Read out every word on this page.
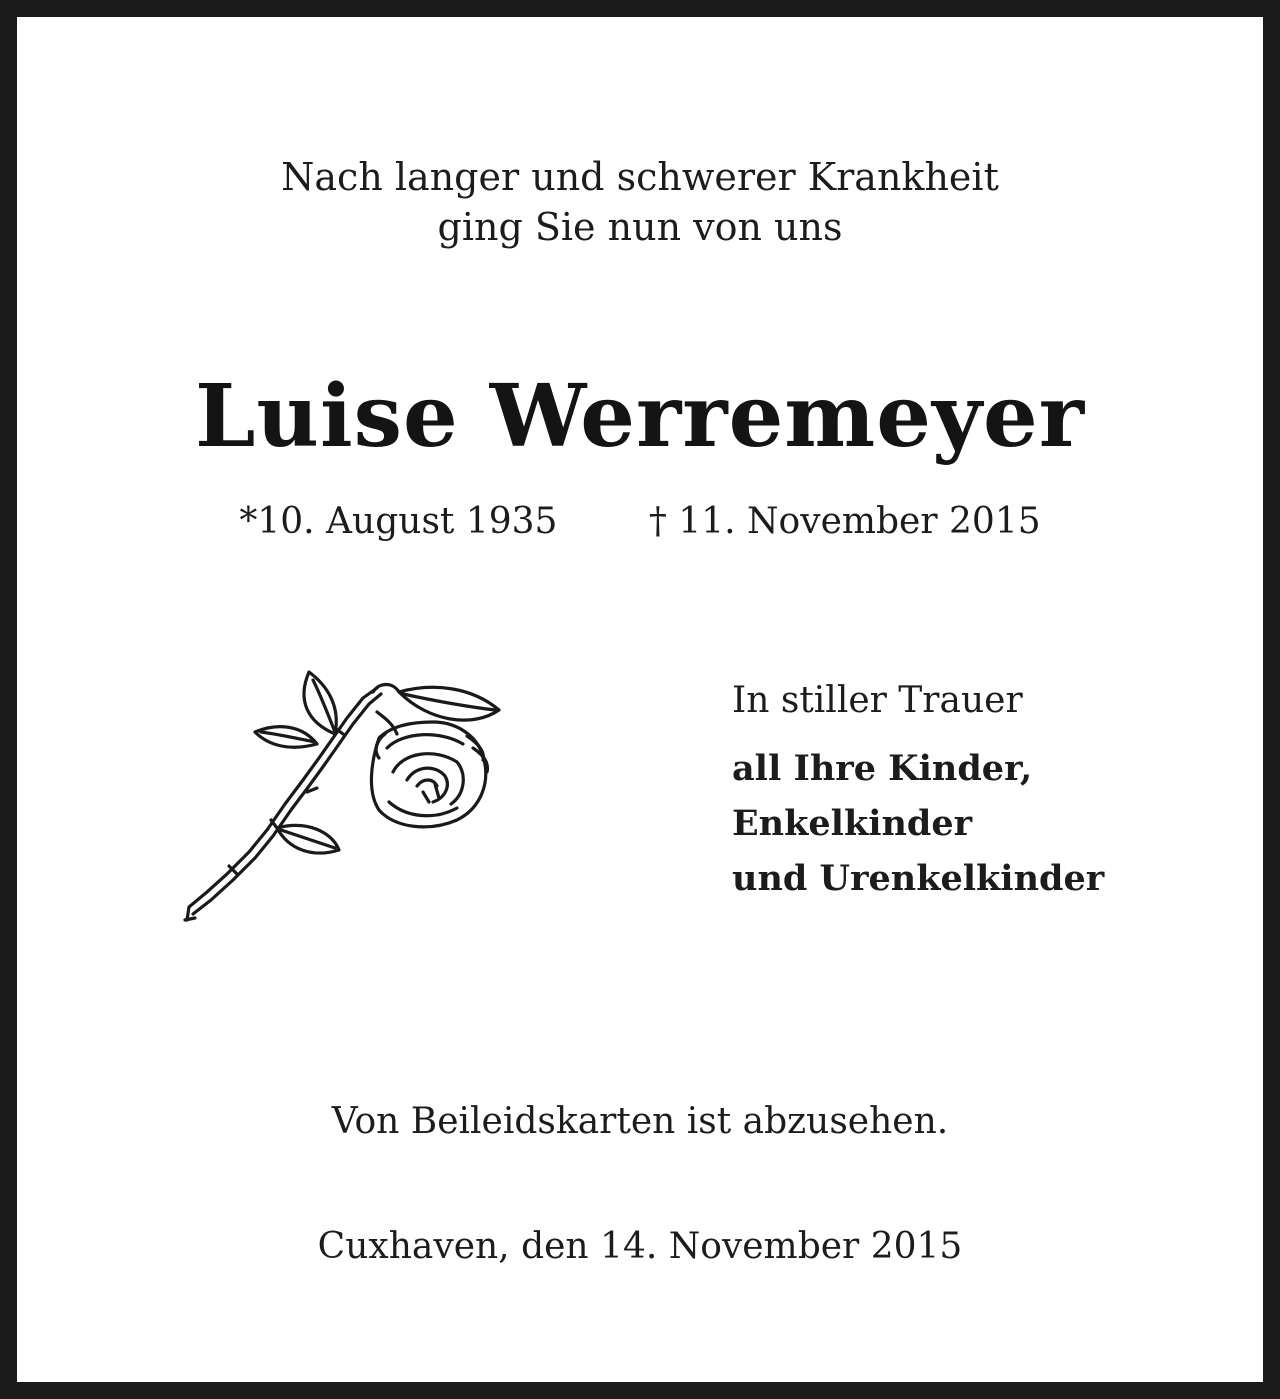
Nach langer und schwerer Krankheit
ging Sie nun von uns
Luise Werremeyer
*10. August 1935	† 11. November 2015
In stiller Trauer
all Ihre Kinder,
Enkelkinder
und Urenkelkinder
Von Beileidskarten ist abzusehen.
Cuxhaven, den 14. November 2015
